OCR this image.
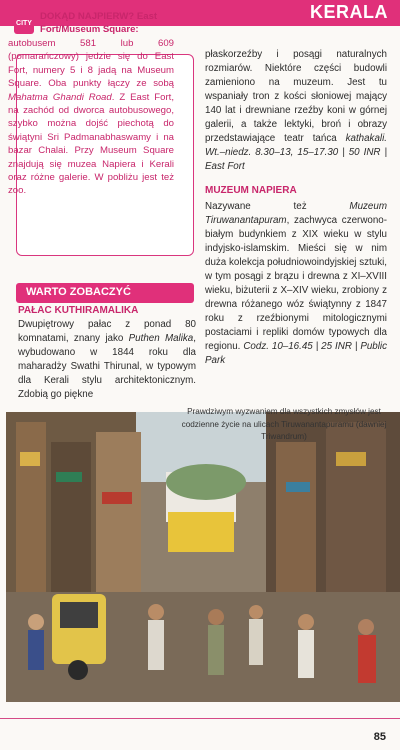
KERALA
CITY
DOKĄD NAJPIERW? East Fort/Museum Square:
autobusem 581 lub 609 (pomarańczowy) jedzie się do East Fort, numery 5 i 8 jadą na Museum Square. Oba punkty łączy ze sobą Mahatma Ghandi Road. Z East Fort, na zachód od dworca autobusowego, szybko można dojść piechotą do świątyni Sri Padmanabhaswamy i na bazar Chalai. Przy Museum Square znajdują się muzea Napiera i Kerali oraz różne galerie. W pobliżu jest też zoo.
WARTO ZOBACZYĆ
PAŁAC KUTHIRAMALIKA
Dwupiętrowy pałac z ponad 80 komnatami, znany jako Puthen Malika, wybudowano w 1844 roku dla maharadży Swathi Thirunal, w typowym dla Kerali stylu architektonicznym. Zdobią go piękne

płaskorzeźby i posągi naturalnych rozmiarów. Niektóre części budowli zamieniono na muzeum. Jest tu wspaniały tron z kości słoniowej mający 140 lat i drewniane rzeźby koni w górnej galerii, a także lektyki, broń i obrazy przedstawiające teatr tańca kathakali. Wt.–niedz. 8.30–13, 15–17.30 | 50 INR | East Fort

MUZEUM NAPIERA

Nazywane też Muzeum Tiruwanantapuram, zachwyca czerwono-białym budynkiem z XIX wieku w stylu indyjsko-islamskim. Mieści się w nim duża kolekcja południowoindyjskiej sztuki, w tym posągi z brązu i drewna z XI–XVIII wieku, biżuterii z X–XIV wieku, zrobiony z drewna różanego wóz świątynny z 1847 roku z rzeźbionymi mitologicznymi postaciami i repliki domów typowych dla regionu. Codz. 10–16.45 | 25 INR | Public Park

Prawdziwym wyzwaniem dla wszystkich zmysłów jest codzienne życie na ulicach Tiruwanantapuramu (dawniej Triwandrum)
85
